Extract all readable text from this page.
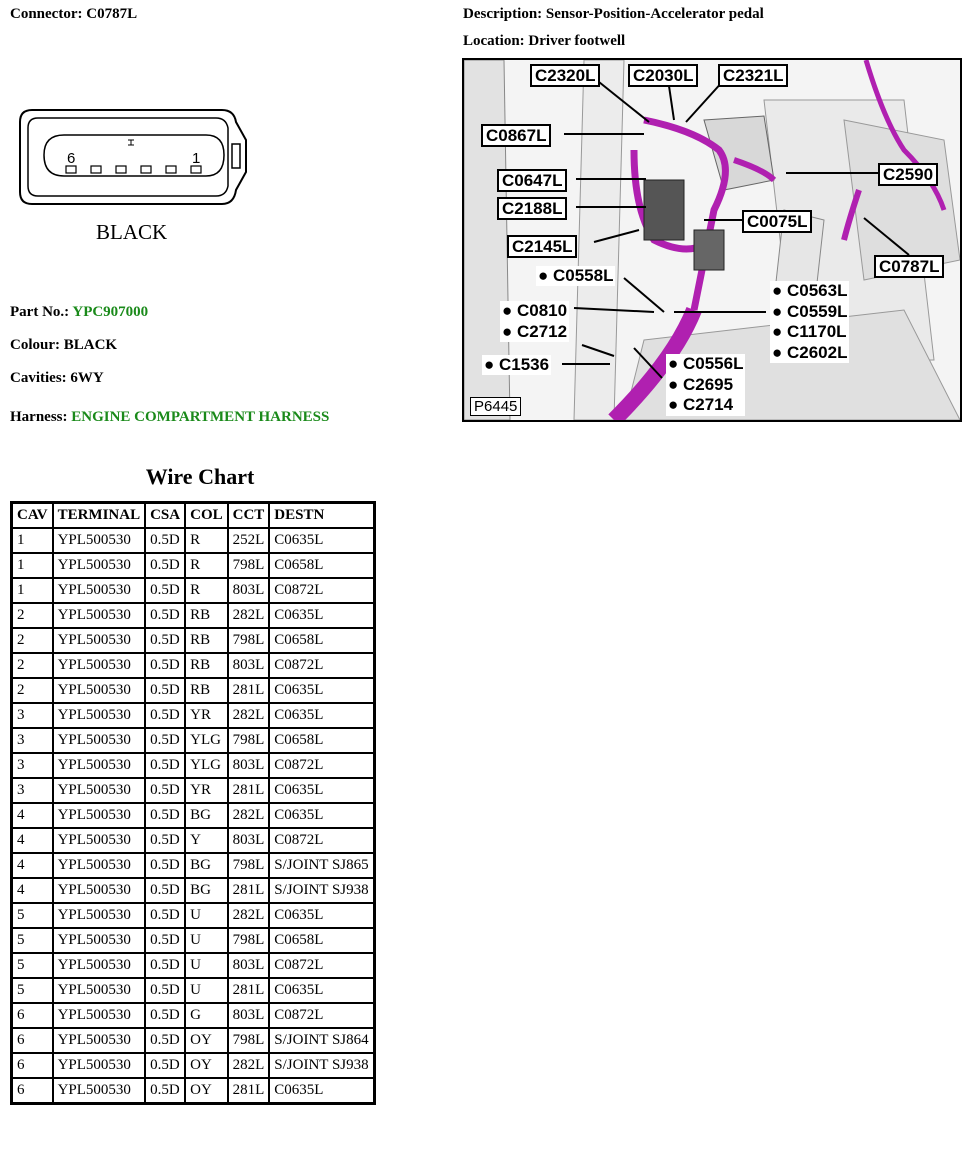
Connector: C0787L	Description: Sensor-Position-Accelerator pedal
Location: Driver footwell
6	1
BLACK
Part No.: YPC907000
Colour: BLACK
Cavities: 6WY
Harness: ENGINE COMPARTMENT HARNESS
C2320L C2030L C2321L
C0867L
C2590
C0647L
C2188L
C0075L
C2145L
C0787L
● C0558L
● C0563L
● C0559L
● C1170L
● C2602L
● C0810
● C2712
● C1536	● C0556L
● C2695
● C2714
P6445
Wire Chart
CAV	TERMINAL	CSA	COL	CCT	DESTN
1	YPL500530	0.5D	R	252L	C0635L
1	YPL500530	0.5D	R	798L	C0658L
1	YPL500530	0.5D	R	803L	C0872L
2	YPL500530	0.5D	RB	282L	C0635L
2	YPL500530	0.5D	RB	798L	C0658L
2	YPL500530	0.5D	RB	803L	C0872L
2	YPL500530	0.5D	RB	281L	C0635L
3	YPL500530	0.5D	YR	282L	C0635L
3	YPL500530	0.5D	YLG	798L	C0658L
3	YPL500530	0.5D	YLG	803L	C0872L
3	YPL500530	0.5D	YR	281L	C0635L
4	YPL500530	0.5D	BG	282L	C0635L
4	YPL500530	0.5D	Y	803L	C0872L
4	YPL500530	0.5D	BG	798L	S/JOINT SJ865
4	YPL500530	0.5D	BG	281L	S/JOINT SJ938
5	YPL500530	0.5D	U	282L	C0635L
5	YPL500530	0.5D	U	798L	C0658L
5	YPL500530	0.5D	U	803L	C0872L
5	YPL500530	0.5D	U	281L	C0635L
6	YPL500530	0.5D	G	803L	C0872L
6	YPL500530	0.5D	OY	798L	S/JOINT SJ864
6	YPL500530	0.5D	OY	282L	S/JOINT SJ938
6	YPL500530	0.5D	OY	281L	C0635L
